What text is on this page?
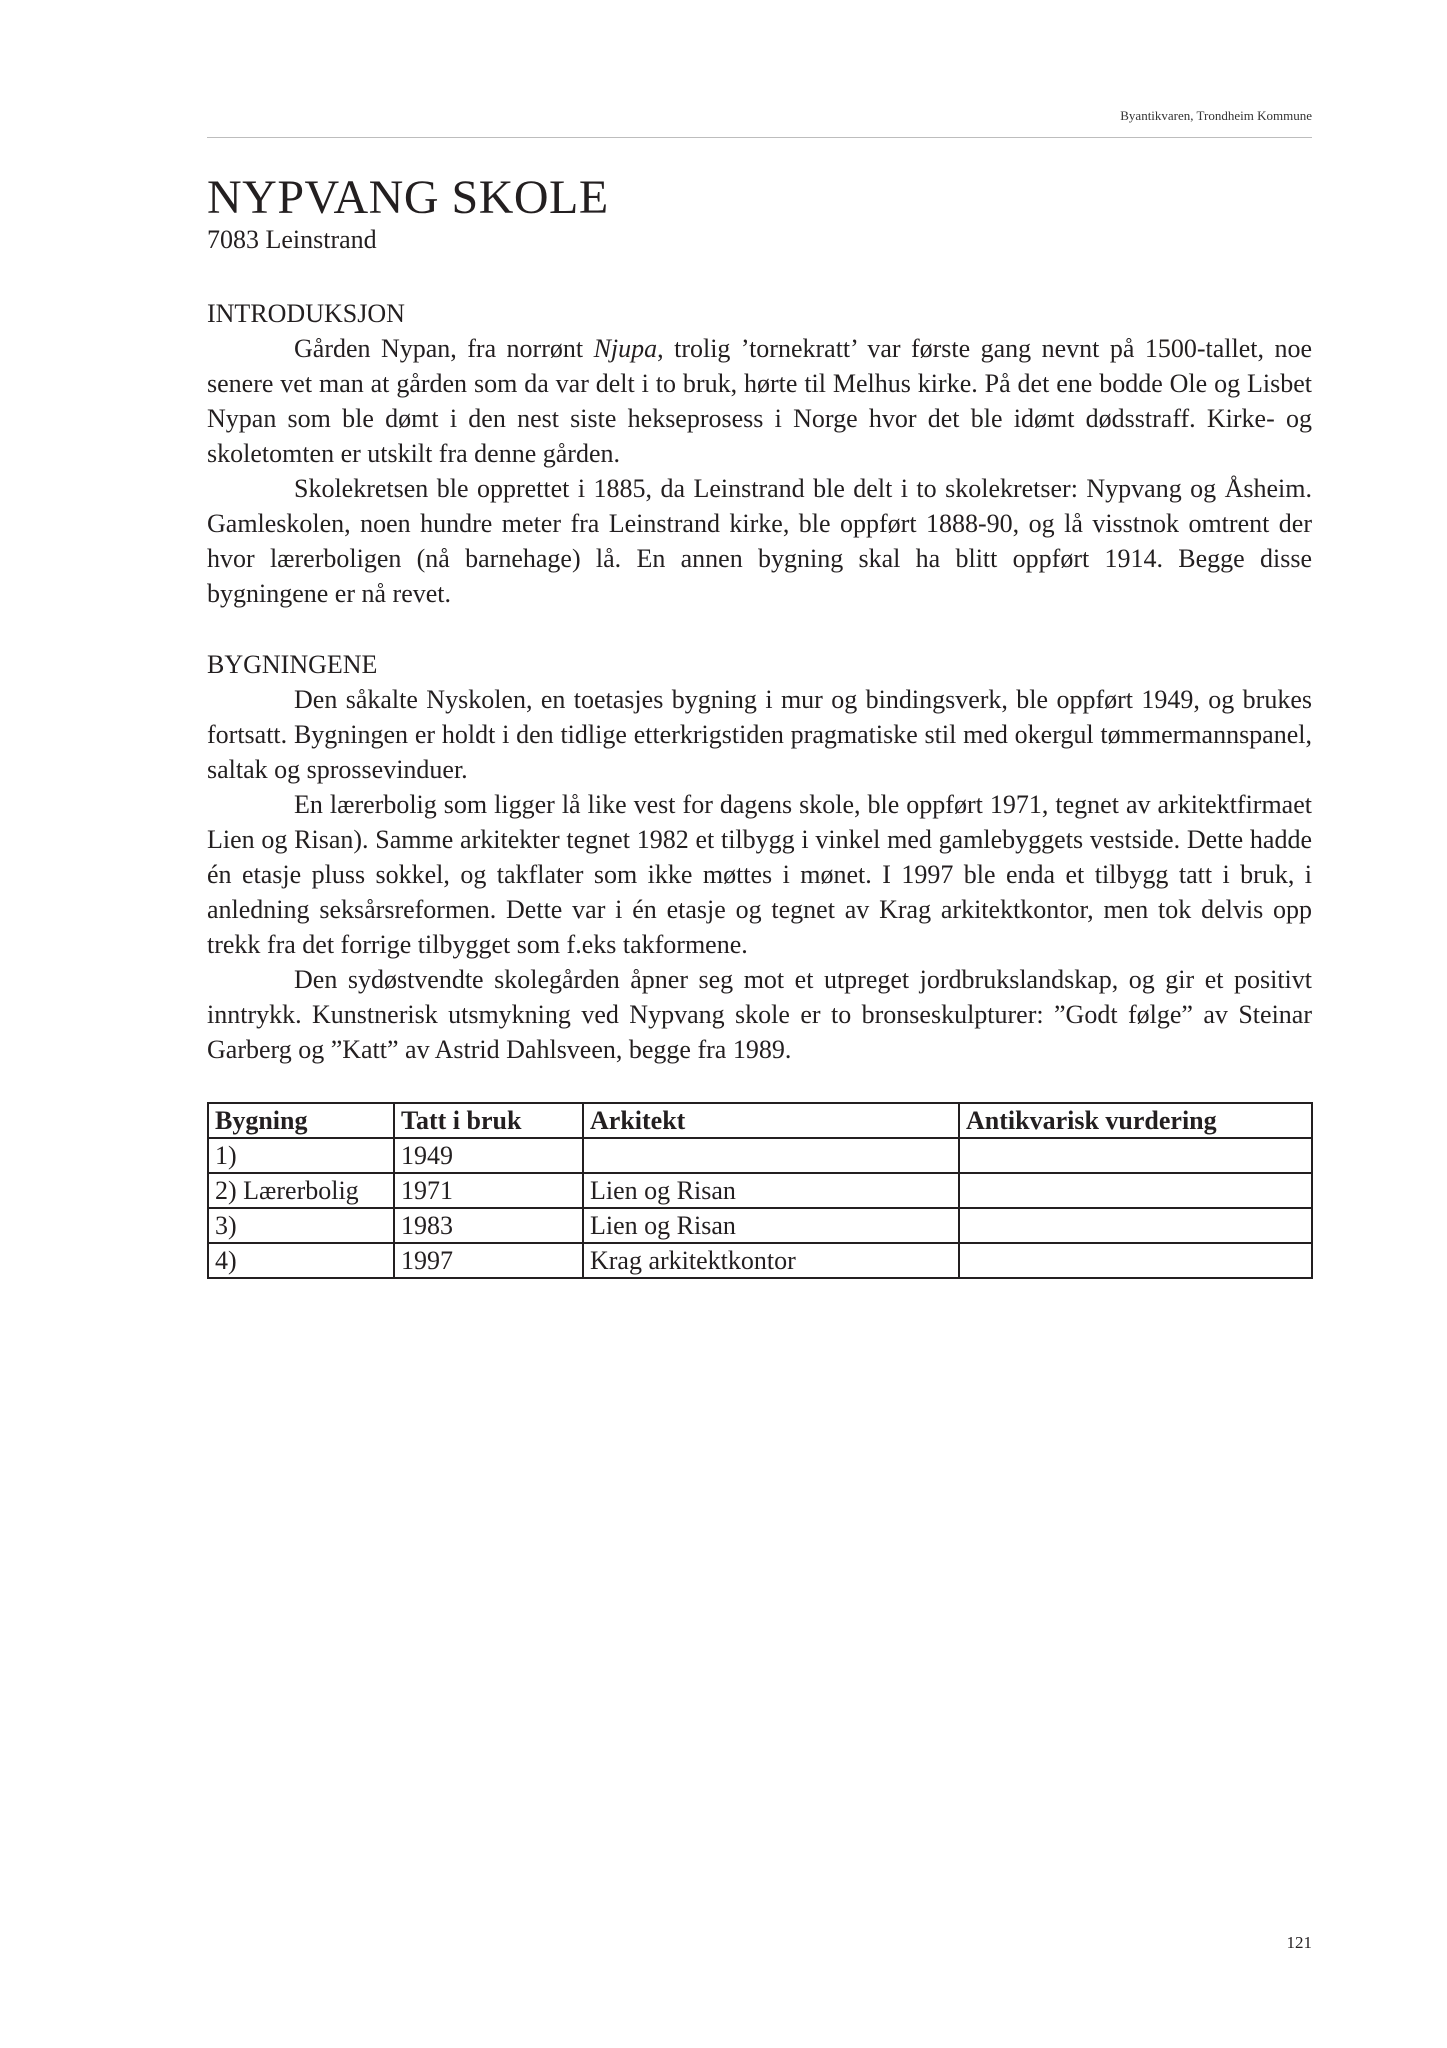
Byantikvaren, Trondheim Kommune
NYPVANG SKOLE
7083 Leinstrand
INTRODUKSJON

Gården Nypan, fra norrønt Njupa, trolig ’tornekratt’ var første gang nevnt på 1500-tallet, noe senere vet man at gården som da var delt i to bruk, hørte til Melhus kirke. På det ene bodde Ole og Lisbet Nypan som ble dømt i den nest siste hekseprosess i Norge hvor det ble idømt dødsstraff. Kirke- og skoletomten er utskilt fra denne gården.

Skolekretsen ble opprettet i 1885, da Leinstrand ble delt i to skolekretser: Nypvang og Åsheim. Gamleskolen, noen hundre meter fra Leinstrand kirke, ble oppført 1888-90, og lå visstnok omtrent der hvor lærerboligen (nå barnehage) lå. En annen bygning skal ha blitt oppført 1914. Begge disse bygningene er nå revet.

BYGNINGENE

Den såkalte Nyskolen, en toetasjes bygning i mur og bindingsverk, ble oppført 1949, og brukes fortsatt. Bygningen er holdt i den tidlige etterkrigstiden pragmatiske stil med okergul tømmermannspanel, saltak og sprossevinduer.

En lærerbolig som ligger lå like vest for dagens skole, ble oppført 1971, tegnet av arkitektfirmaet Lien og Risan). Samme arkitekter tegnet 1982 et tilbygg i vinkel med gamlebyggets vestside. Dette hadde én etasje pluss sokkel, og takflater som ikke møttes i mønet. I 1997 ble enda et tilbygg tatt i bruk, i anledning seksårsreformen. Dette var i én etasje og tegnet av Krag arkitektkontor, men tok delvis opp trekk fra det forrige tilbygget som f.eks takformene.

Den sydøstvendte skolegården åpner seg mot et utpreget jordbrukslandskap, og gir et positivt inntrykk. Kunstnerisk utsmykning ved Nypvang skole er to bronseskulpturer: ”Godt følge” av Steinar Garberg og ”Katt” av Astrid Dahlsveen, begge fra 1989.

Bygning	Tatt i bruk	Arkitekt	Antikvarisk vurdering
1)	1949		
2) Lærerbolig	1971	Lien og Risan	
3)	1983	Lien og Risan	
4)	1997	Krag arkitektkontor	
121
